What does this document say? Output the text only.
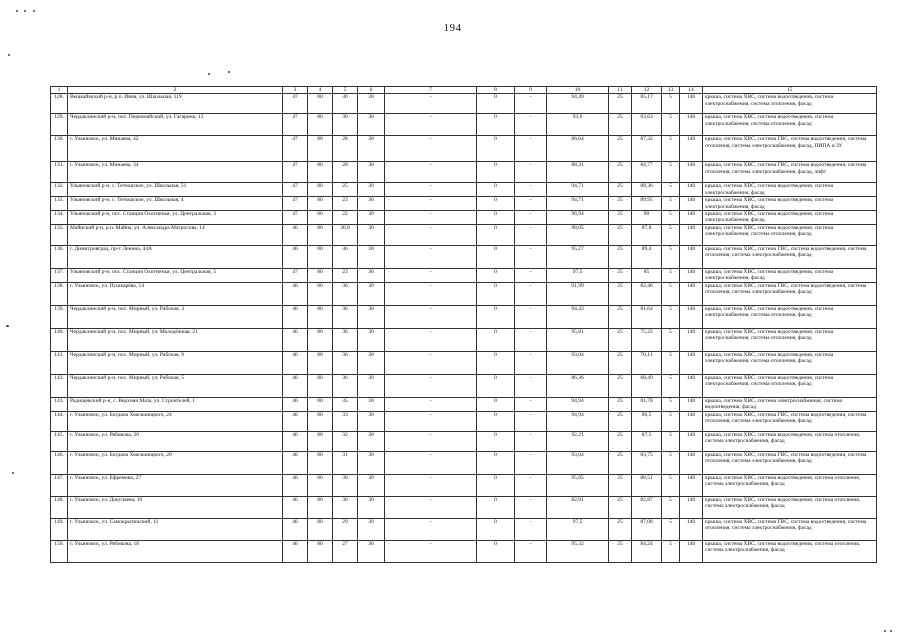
194
1	2	3	4	5	6	7	8	9	10	11	12	13	14	15
128.	Вешкаймский р-н, р.п. Ивня, ул. Школьная, 119	47	80	30	30	-	0	-	94,49	25	85,17	5	140	крыша, система ХВС, система водоотведения, система электроснабжения, система отопления, фасад
129.	Чердаклинский р-н, пос. Первомайский, ул. Гагарина, 13	47	80	30	30	-	0	-	93,6	25	83,63	5	140	крыша, система ХВС, система водоотведения, система электроснабжения, система отопления, фасад
130.	г. Ульяновск, ул. Минаева, 42	47	80	28	30	-	0	-	86,64	25	87,32	5	140	крыша, система ХВС, система ГВС, система водоотведения, система отопления, система электроснабжения, фасад, ПИПА и ЗУ
131.	г. Ульяновск, ул. Минаева, 34	47	80	28	30	-	0	-	88,31	25	84,77	5	140	крыша, система ХВС, система ГВС, система водоотведения, система отопления, система электроснабжения, фасад, лифт
132.	Ульяновский р-н, с. Тетюшское, ул. Школьная, 51	47	80	25	30	-	0	-	94,71	25	88,36	5	140	крыша, система ХВС, система водоотведения, система электроснабжения, фасад
133.	Ульяновский р-н, с. Тетюшское, ул. Школьная, 4	47	80	23	30	-	0	-	94,71	25	89,95	5	140	крыша, система ХВС, система водоотведения, система электроснабжения, фасад
134.	Ульяновский р-н, пос. Станция Охотничья, ул. Центральная, 3	47	80	22	30	-	0	-	96,94	25	90	5	140	крыша, система ХВС, система водоотведения, система электроснабжения, фасад
135.	Майнский р-н, р.п. Майна, ул. Александра Матросова, 14	46	80	36,8	30	-	0	-	98,05	25	87,8	5	140	крыша, система ХВС, система водоотведения, система электроснабжения, система отопления, фасад
136.	г. Димитровград, пр-т Ленина, 44А	46	80	36	30	-	0	-	95,27	25	89,4	5	140	крыша, система ХВС, система ГВС, система водоотведения, система отопления, система электроснабжения, фасад
137.	Ульяновский р-н, пос. Станция Охотничья, ул. Центральная, 5	47	80	23	30	-	0	-	97,5	25	85	5	140	крыша, система ХВС, система водоотведения, система электроснабжения, фасад
138.	г. Ульяновск, ул. Пушкарёва, 14	46	80	36	30	-	0	-	91,99	25	82,46	5	140	крыша, система ХВС, система ГВС, система водоотведения, система отопления, система электроснабжения, фасад
139.	Чердаклинский р-н, пос. Мирный, ул. Рабочая, 3	46	80	36	30	-	0	-	94,43	25	81,64	5	140	крыша, система ХВС, система водоотведения, система электроснабжения, система отопления, фасад
140.	Чердаклинский р-н, пос. Мирный, ул. Молодёжная, 21	46	80	36	30	-	0	-	95,81	25	75,22	5	140	крыша, система ХВС, система водоотведения, система электроснабжения, система отопления, фасад
141.	Чердаклинский р-н, пос. Мирный, ул. Рабочая, 9	46	80	36	30	-	0	-	93,04	25	70,11	5	140	крыша, система ХВС, система водоотведения, система электроснабжения, система отопления, фасад
142.	Чердаклинский р-н, пос. Мирный, ул. Рабочая, 5	46	80	36	30	-	0	-	86,36	25	68,49	5	140	крыша, система ХВС, система водоотведения, система электроснабжения, система отопления, фасад
143.	Радищевский р-н, с. Верхняя Маза, ул. Строителей, 1	46	80	35	30	-	0	-	94,94	25	81,78	5	140	крыша, система ХВС, система электроснабжения, система водоотведения, фасад
144.	г. Ульяновск, ул. Богдана Хмельницкого, 24	46	80	33	30	-	0	-	94,94	25	86,5	5	140	крыша, система ХВС, система ГВС, система водоотведения, система отопления, система электроснабжения, фасад
145.	г. Ульяновск, ул. Рябикова, 20	46	80	32	30	-	0	-	92,21	25	87,5	5	140	крыша, система ХВС, система водоотведения, система отопления, система электроснабжения, фасад
146.	г. Ульяновск, ул. Богдана Хмельницкого, 20	46	80	31	30	-	0	-	93,04	25	83,75	5	140	крыша, система ХВС, система ГВС, система водоотведения, система отопления, система электроснабжения, фасад
147.	г. Ульяновск, ул. Ефремова, 27	46	80	30	30	-	0	-	95,85	25	88,51	5	140	крыша, система ХВС, система водоотведения, система отопления, система электроснабжения, фасад
148.	г. Ульяновск, ул. Докучаева, 10	46	80	30	30	-	0	-	82,81	25	82,87	5	140	крыша, система ХВС, система водоотведения, система отопления, система электроснабжения, фасад
149.	г. Ульяновск, ул. Самокрытинский, 11	46	80	29	30	-	0	-	97,5	25	87,08	5	140	крыша, система ХВС, система ГВС, система водоотведения, система отопления, система электроснабжения, фасад
150.	г. Ульяновск, ул. Рябикова, 18	46	80	27	30	-	0	-	95,32	25	84,24	5	140	крыша, система ХВС, система водоотведения, система отопления, система электроснабжения, фасад
